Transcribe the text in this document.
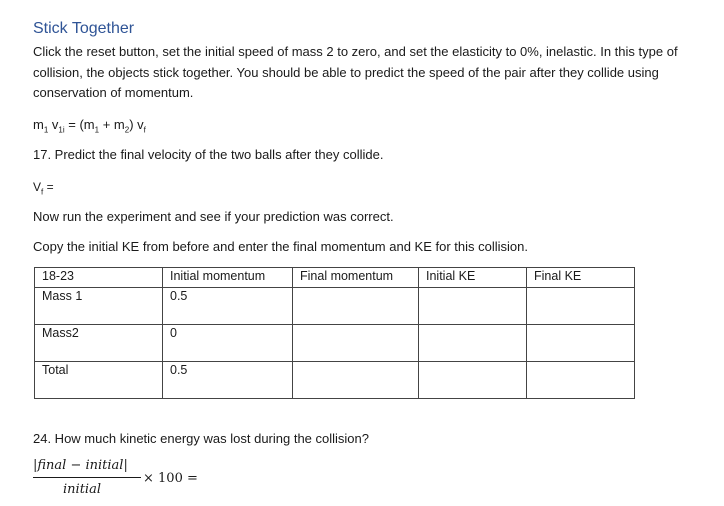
Stick Together
Click the reset button, set the initial speed of mass 2 to zero, and set the elasticity to 0%, inelastic. In this type of collision, the objects stick together. You should be able to predict the speed of the pair after they collide using conservation of momentum.
$m_1$ $v_{1i} = (m_1 + m_2)$ $v_f$
17. Predict the final velocity of the two balls after they collide.
$V_f$ =
Now run the experiment and see if your prediction was correct.
Copy the initial KE from before and enter the final momentum and KE for this collision.
18-23	Initial momentum	Final momentum	Initial KE	Final KE
Mass 1	0.5			
Mass2	0			
Total	0.5			
24. How much kinetic energy was lost during the collision?
|final − initial|
initial
× 100 =
